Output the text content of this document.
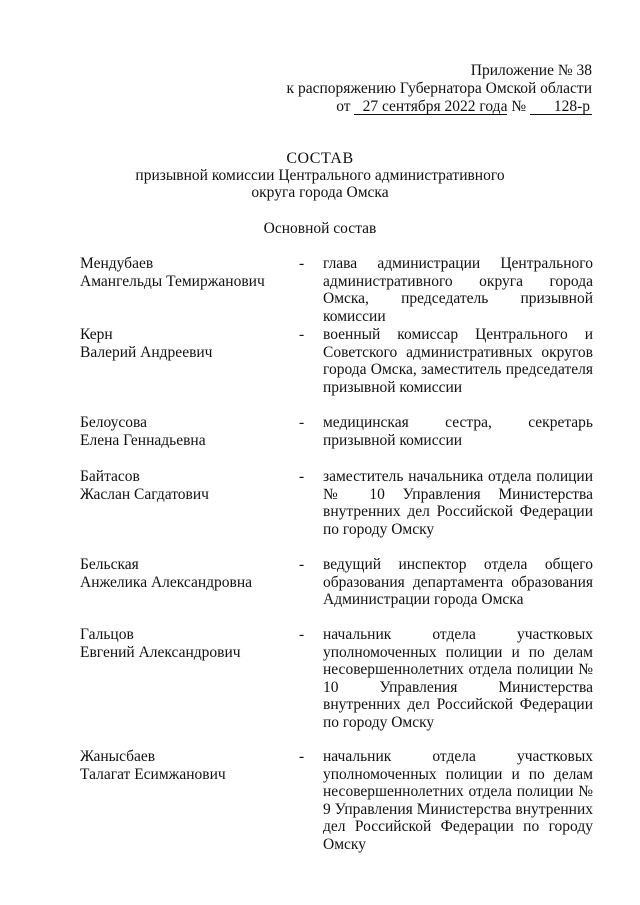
Приложение № 38
к распоряжению Губернатора Омской области
от 27 сентября 2022 года № 128-р
СОСТАВ
призывной комиссии Центрального административного
округа города Омска
Основной состав
Мендубаев
Амангельды Темиржанович
- глава администрации Центрального административного округа города Омска, председатель призывной комиссии
Керн
Валерий Андреевич
- военный комиссар Центрального и Советского административных округов города Омска, заместитель председателя призывной комиссии
Белоусова
Елена Геннадьевна
- медицинская сестра, секретарь призывной комиссии
Байтасов
Жаслан Сагдатович
- заместитель начальника отдела полиции № 10 Управления Министерства внутренних дел Российской Федерации по городу Омску
Бельская
Анжелика Александровна
- ведущий инспектор отдела общего образования департамента образования Администрации города Омска
Гальцов
Евгений Александрович
- начальник отдела участковых уполномоченных полиции и по делам несовершеннолетних отдела полиции № 10 Управления Министерства внутренних дел Российской Федерации по городу Омску
Жанысбаев
Талагат Есимжанович
- начальник отдела участковых уполномоченных полиции и по делам несовершеннолетних отдела полиции № 9 Управления Министерства внутренних дел Российской Федерации по городу Омску
